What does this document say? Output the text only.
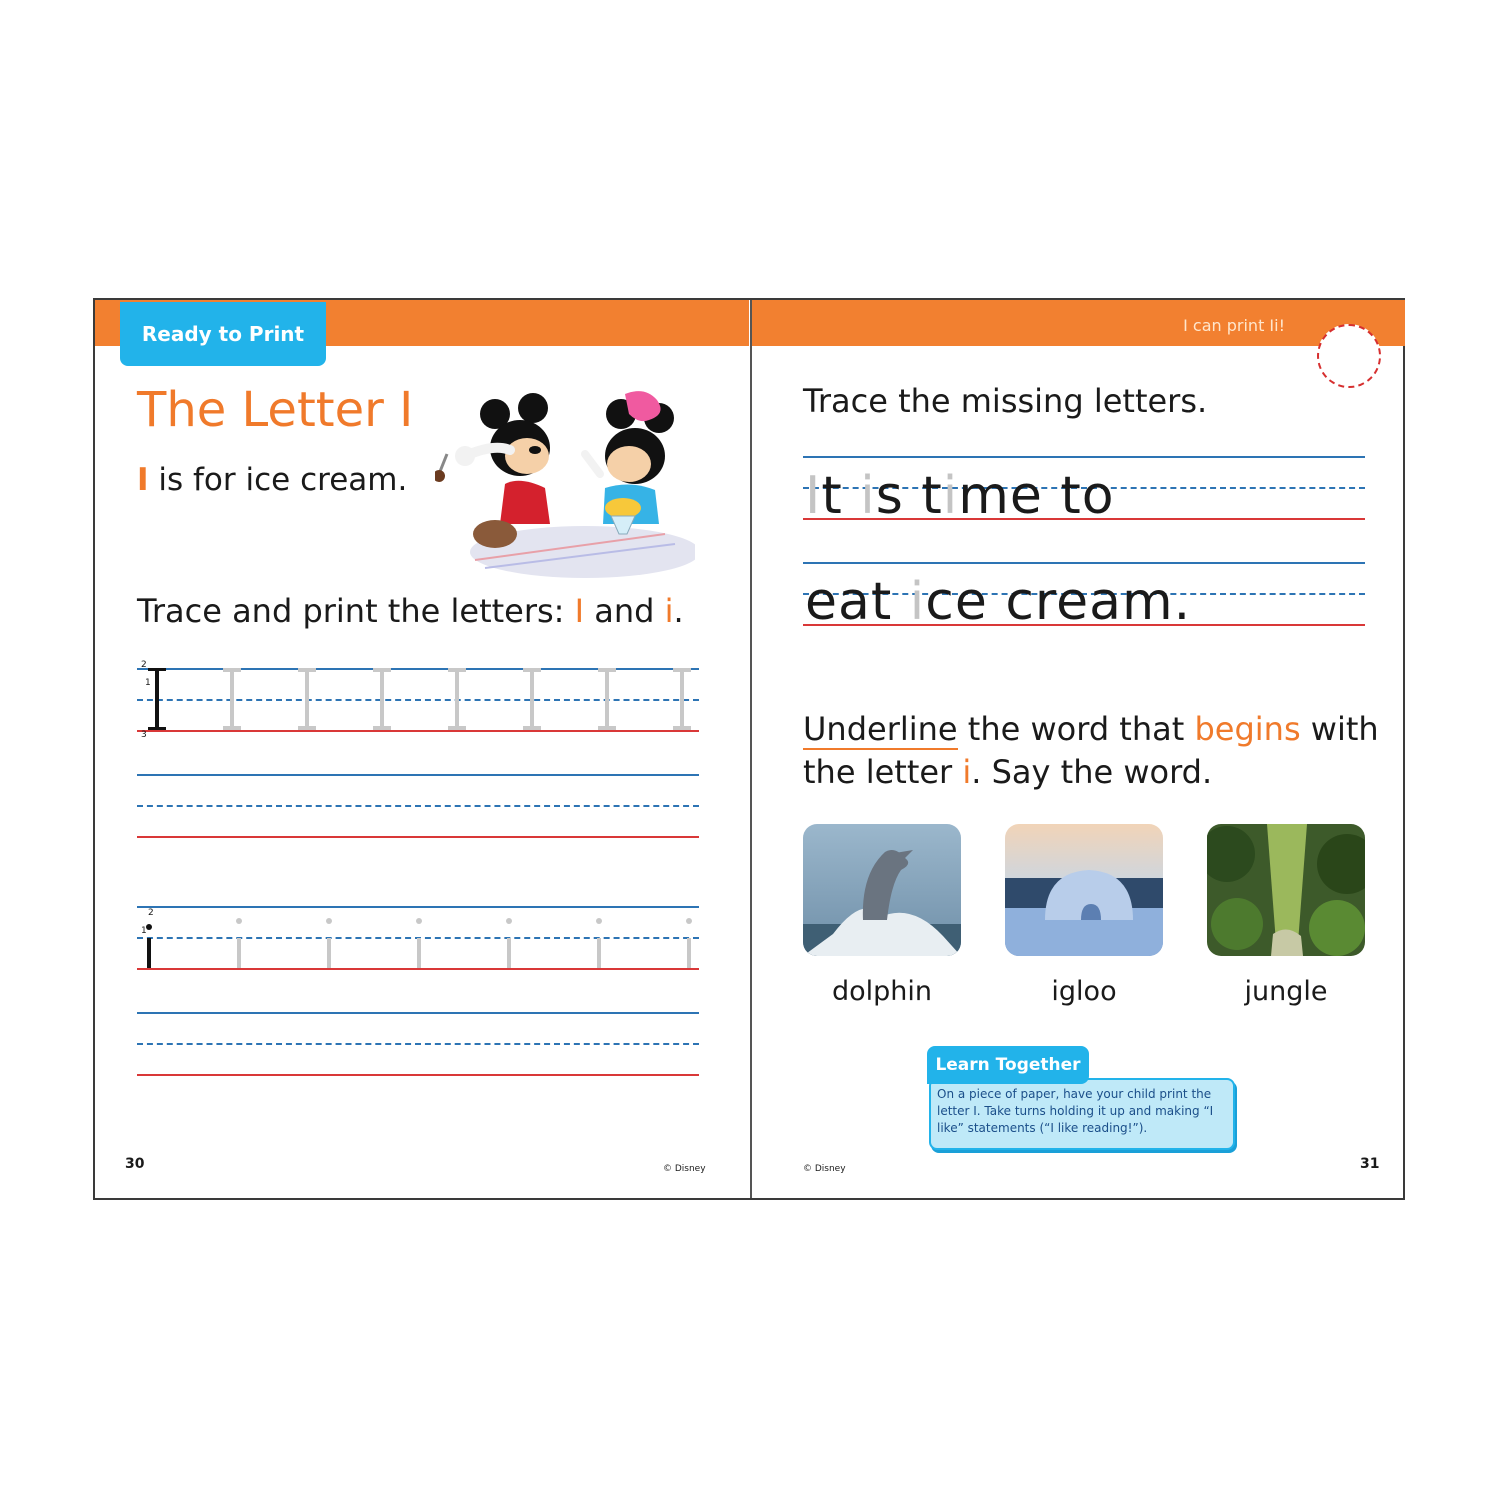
Ready to Print	I can print Ii!
The Letter I
I is for ice cream.
Trace and print the letters: I and i.
2
1
3
2
1
30	© Disney
Trace the missing letters.
It is time to
eat ice cream.
Underline the word that begins with
the letter i. Say the word.
dolphin	igloo	jungle
Learn Together
On a piece of paper, have your child print the letter I. Take turns holding it up and making “I like” statements (“I like reading!”).
© Disney	31
